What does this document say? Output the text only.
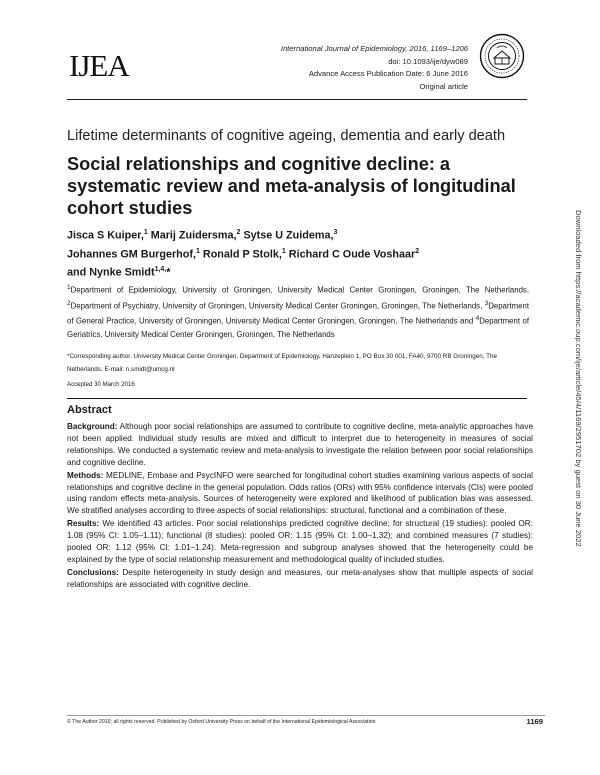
IJEA	International Journal of Epidemiology, 2016, 1169–1206
doi: 10.1093/ije/dyw089
Advance Access Publication Date: 6 June 2016
Original article
Lifetime determinants of cognitive ageing, dementia and early death
Social relationships and cognitive decline: a systematic review and meta-analysis of longitudinal cohort studies
Jisca S Kuiper,$^1$ Marij Zuidersma,$^2$ Sytse U Zuidema,$^3$
Johannes GM Burgerhof,$^1$ Ronald P Stolk,$^1$ Richard C Oude Voshaar$^2$
and Nynke Smidt$^{1,4,}$*
$^1$Department of Epidemiology, University of Groningen, University Medical Center Groningen, Groningen, The Netherlands, $^2$Department of Psychiatry, University of Groningen, University Medical Center Groningen, Groningen, The Netherlands, $^3$Department of General Practice, University of Groningen, University Medical Center Groningen, Groningen, The Netherlands and $^4$Department of Geriatrics, University Medical Center Groningen, Groningen, The Netherlands
*Corresponding author. University Medical Center Groningen, Department of Epidemiology, Hanzeplein 1, PO Box 30 001, FA40, 9700 RB Groningen, The Netherlands. E-mail: n.smidt@umcg.nl
Accepted 30 March 2016
Abstract

Background: Although poor social relationships are assumed to contribute to cognitive decline, meta-analytic approaches have not been applied. Individual study results are mixed and difficult to interpret due to heterogeneity in measures of social relationships. We conducted a systematic review and meta-analysis to investigate the relation between poor social relationships and cognitive decline.

Methods: MEDLINE, Embase and PsycINFO were searched for longitudinal cohort studies examining various aspects of social relationships and cognitive decline in the general population. Odds ratios (ORs) with 95% confidence intervals (CIs) were pooled using random effects meta-analysis. Sources of heterogeneity were explored and likelihood of publication bias was assessed. We stratified analyses according to three aspects of social relationships: structural, functional and a combination of these.

Results: We identified 43 articles. Poor social relationships predicted cognitive decline; for structural (19 studies): pooled OR: 1.08 (95% CI: 1.05–1.11); functional (8 studies): pooled OR: 1.15 (95% CI: 1.00–1.32); and combined measures (7 studies): pooled OR: 1.12 (95% CI: 1.01–1.24). Meta-regression and subgroup analyses showed that the heterogeneity could be explained by the type of social relationship measurement and methodological quality of included studies.

Conclusions: Despite heterogeneity in study design and measures, our meta-analyses show that multiple aspects of social relationships are associated with cognitive decline.

© The Author 2016; all rights reserved. Published by Oxford University Press on behalf of the International Epidemiological Association	1169
Downloaded from https://academic.oup.com/ije/article/45/4/1169/2951702 by guest on 30 June 2022
